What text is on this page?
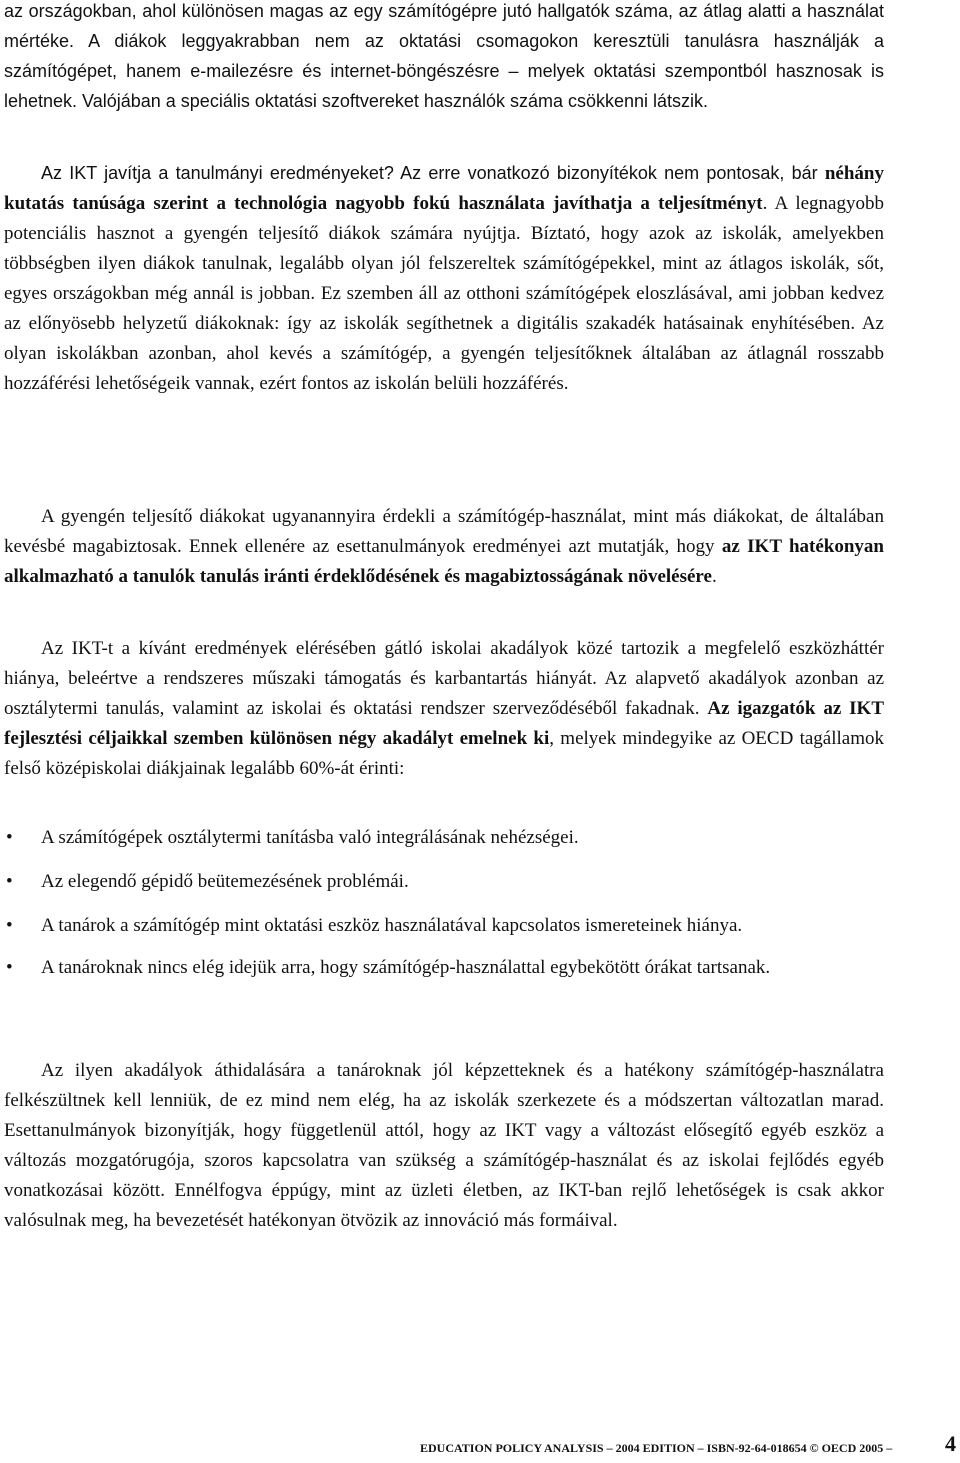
az országokban, ahol különösen magas az egy számítógépre jutó hallgatók száma, az átlag alatti a használat mértéke. A diákok leggyakrabban nem az oktatási csomagokon keresztüli tanulásra használják a számítógépet, hanem e-mailezésre és internet-böngészésre – melyek oktatási szempontból hasznosak is lehetnek. Valójában a speciális oktatási szoftvereket használók száma csökkenni látszik.

Az IKT javítja a tanulmányi eredményeket? Az erre vonatkozó bizonyítékok nem pontosak, bár néhány kutatás tanúsága szerint a technológia nagyobb fokú használata javíthatja a teljesítményt. A legnagyobb potenciális hasznot a gyengén teljesítő diákok számára nyújtja. Bíztató, hogy azok az iskolák, amelyekben többségben ilyen diákok tanulnak, legalább olyan jól felszereltek számítógépekkel, mint az átlagos iskolák, sőt, egyes országokban még annál is jobban. Ez szemben áll az otthoni számítógépek eloszlásával, ami jobban kedvez az előnyösebb helyzetű diákoknak: így az iskolák segíthetnek a digitális szakadék hatásainak enyhítésében. Az olyan iskolákban azonban, ahol kevés a számítógép, a gyengén teljesítőknek általában az átlagnál rosszabb hozzáférési lehetőségeik vannak, ezért fontos az iskolán belüli hozzáférés.

A gyengén teljesítő diákokat ugyanannyira érdekli a számítógép-használat, mint más diákokat, de általában kevésbé magabiztosak. Ennek ellenére az esettanulmányok eredményei azt mutatják, hogy az IKT hatékonyan alkalmazható a tanulók tanulás iránti érdeklődésének és magabiztosságának növelésére.

Az IKT-t a kívánt eredmények elérésében gátló iskolai akadályok közé tartozik a megfelelő eszközháttér hiánya, beleértve a rendszeres műszaki támogatás és karbantartás hiányát. Az alapvető akadályok azonban az osztálytermi tanulás, valamint az iskolai és oktatási rendszer szerveződéséből fakadnak. Az igazgatók az IKT fejlesztési céljaikkal szemben különösen négy akadályt emelnek ki, melyek mindegyike az OECD tagállamok felső középiskolai diákjainak legalább 60%-át érinti:

• A számítógépek osztálytermi tanításba való integrálásának nehézségei.
• Az elegendő gépidő beütemezésének problémái.
• A tanárok a számítógép mint oktatási eszköz használatával kapcsolatos ismereteinek hiánya.
• A tanároknak nincs elég idejük arra, hogy számítógép-használattal egybekötött órákat tartsanak.

Az ilyen akadályok áthidalására a tanároknak jól képzetteknek és a hatékony számítógép-használatra felkészültnek kell lenniük, de ez mind nem elég, ha az iskolák szerkezete és a módszertan változatlan marad. Esettanulmányok bizonyítják, hogy függetlenül attól, hogy az IKT vagy a változást elősegítő egyéb eszköz a változás mozgatórugója, szoros kapcsolatra van szükség a számítógép-használat és az iskolai fejlődés egyéb vonatkozásai között. Ennélfogva éppúgy, mint az üzleti életben, az IKT-ban rejlő lehetőségek is csak akkor valósulnak meg, ha bevezetését hatékonyan ötvözik az innováció más formáival.

EDUCATION POLICY ANALYSIS – 2004 EDITION – ISBN-92-64-018654 © OECD 2005 – 4
